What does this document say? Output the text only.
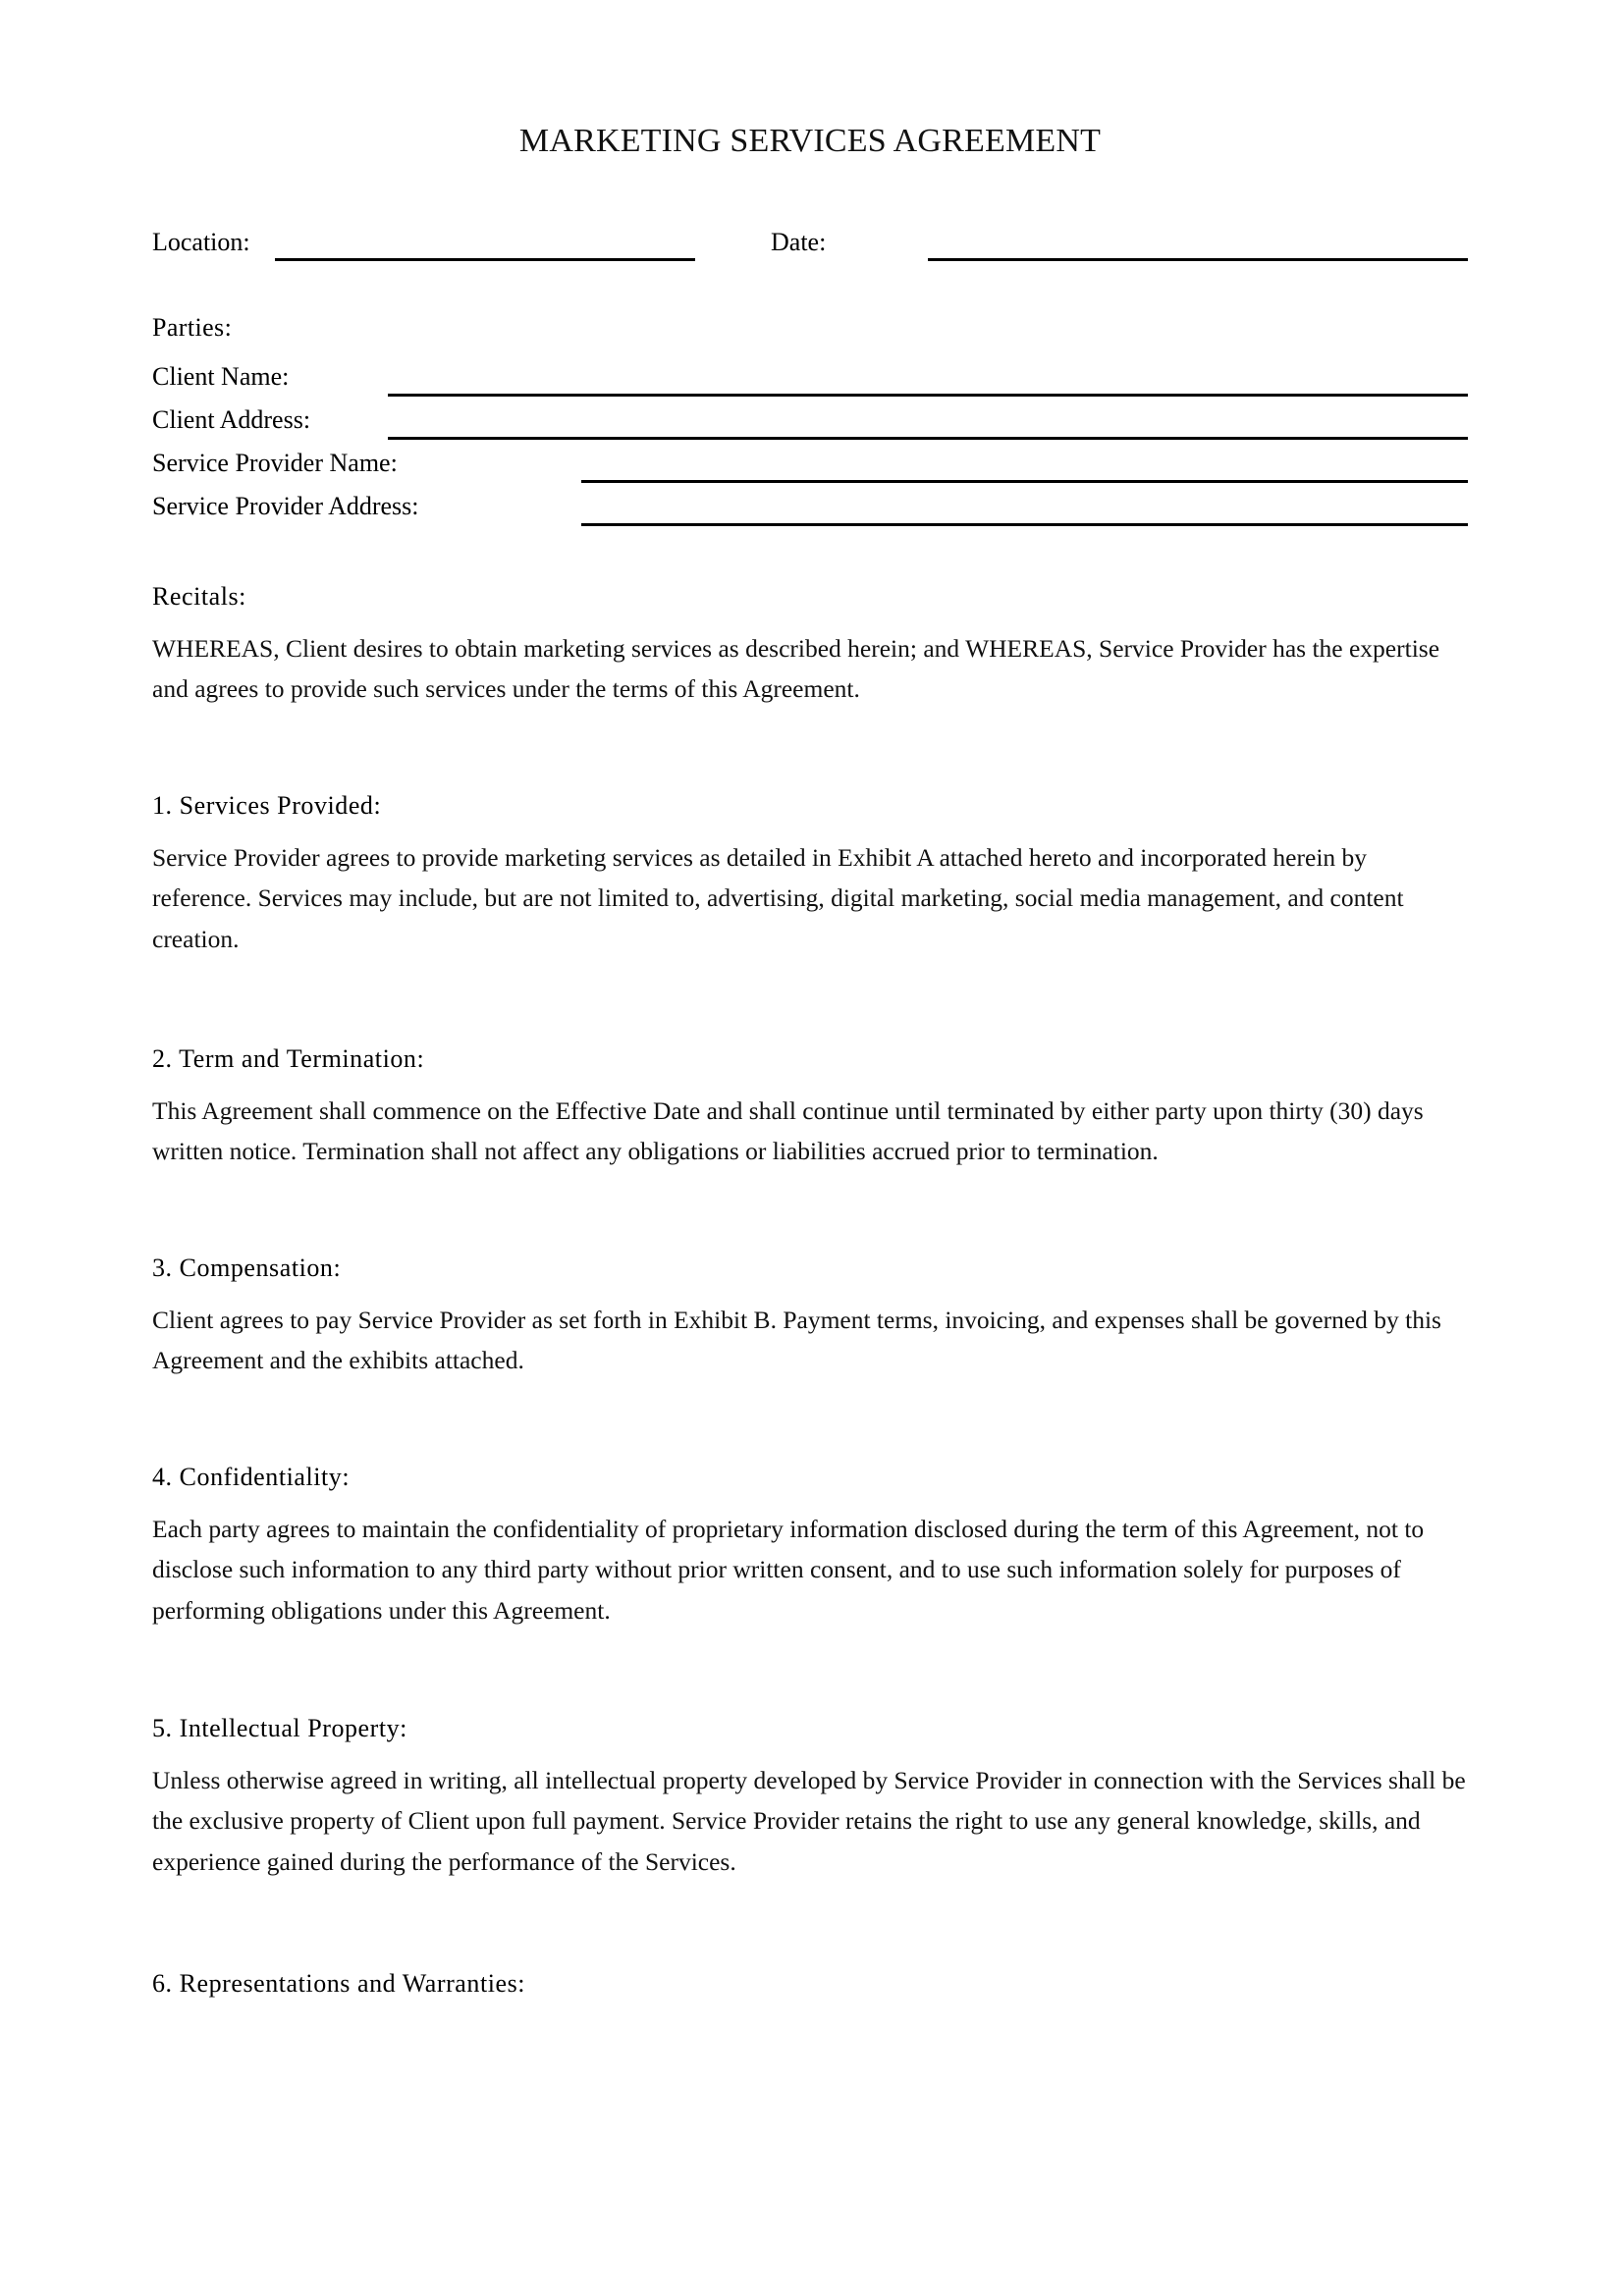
MARKETING SERVICES AGREEMENT
Location:	Date:
Parties:
Client Name:
Client Address:
Service Provider Name:
Service Provider Address:
Recitals:

WHEREAS, Client desires to obtain marketing services as described herein; and WHEREAS, Service Provider has the expertise and agrees to provide such services under the terms of this Agreement.

1. Services Provided:

Service Provider agrees to provide marketing services as detailed in Exhibit A attached hereto and incorporated herein by reference. Services may include, but are not limited to, advertising, digital marketing, social media management, and content creation.

2. Term and Termination:

This Agreement shall commence on the Effective Date and shall continue until terminated by either party upon thirty (30) days written notice. Termination shall not affect any obligations or liabilities accrued prior to termination.

3. Compensation:

Client agrees to pay Service Provider as set forth in Exhibit B. Payment terms, invoicing, and expenses shall be governed by this Agreement and the exhibits attached.

4. Confidentiality:

Each party agrees to maintain the confidentiality of proprietary information disclosed during the term of this Agreement, not to disclose such information to any third party without prior written consent, and to use such information solely for purposes of performing obligations under this Agreement.

5. Intellectual Property:

Unless otherwise agreed in writing, all intellectual property developed by Service Provider in connection with the Services shall be the exclusive property of Client upon full payment. Service Provider retains the right to use any general knowledge, skills, and experience gained during the performance of the Services.

6. Representations and Warranties:
